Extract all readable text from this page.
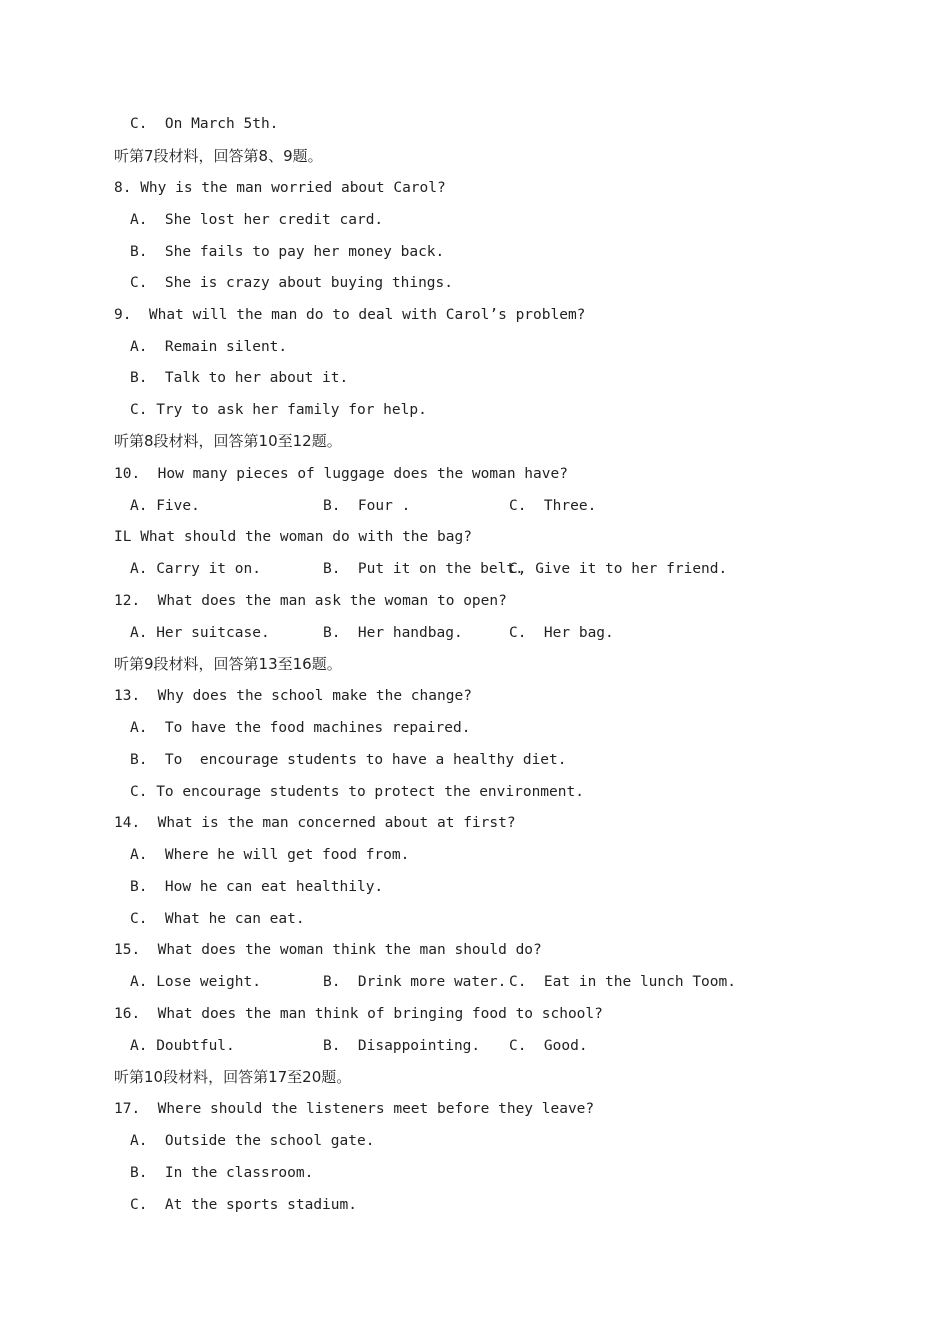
C.  On March 5th.
听第7段材料，回答第8、9题。
8. Why is the man worried about Carol?
A.  She lost her credit card.
B.  She fails to pay her money back.
C.  She is crazy about buying things.
9.  What will the man do to deal with Carol’s problem?
A.  Remain silent.
B.  Talk to her about it.
C. Try to ask her family for help.
听第8段材料，回答第10至12题。
10.  How many pieces of luggage does the woman have?

A. Five.

	B.  Four .

	C.  Three.

IL What should the woman do with the bag?

A. Carry it on.

	B.  Put it on the belt.

C, Give it to her friend.

12.  What does the man ask the woman to open?

A. Her suitcase.

	B.  Her handbag.

	C.  Her bag.

听第9段材料，回答第13至16题。
13.  Why does the school make the change?
A.  To have the food machines repaired.
B.  To  encourage students to have a healthy diet.
C. To encourage students to protect the environment.
14.  What is the man concerned about at first?
A.  Where he will get food from.
B.  How he can eat healthily.
C.  What he can eat.
15.  What does the woman think the man should do?

A. Lose weight.

	B.  Drink more water.

C.  Eat in the lunch Toom.

16.  What does the man think of bringing food to school?

A. Doubtful.

	B.  Disappointing.

C.  Good.

听第10段材料，回答第17至20题。
17.  Where should the listeners meet before they leave?
A.  Outside the school gate.
B.  In the classroom.
C.  At the sports stadium.
